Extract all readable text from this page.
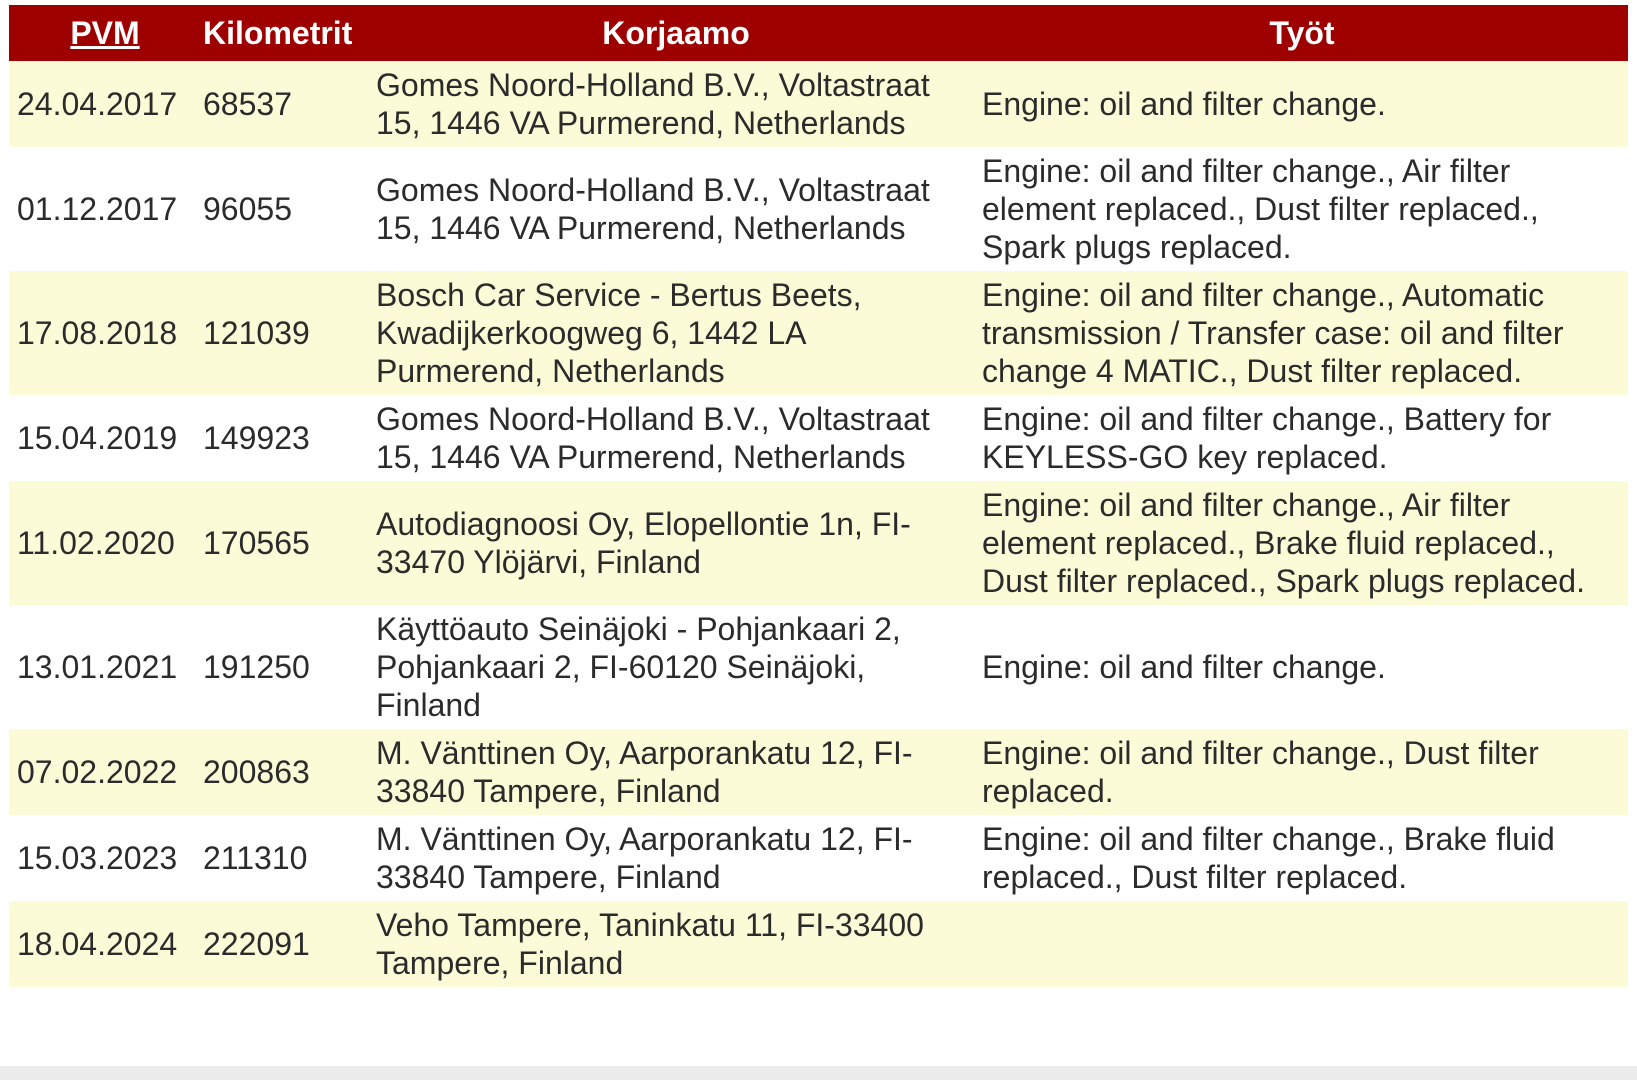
PVM	Kilometrit	Korjaamo	Työt
24.04.2017	68537	Gomes Noord-Holland B.V., Voltastraat 15, 1446 VA Purmerend, Netherlands	Engine: oil and filter change.
01.12.2017	96055	Gomes Noord-Holland B.V., Voltastraat 15, 1446 VA Purmerend, Netherlands	Engine: oil and filter change., Air filter element replaced., Dust filter replaced., Spark plugs replaced.
17.08.2018	121039	Bosch Car Service - Bertus Beets, Kwadijkerkoogweg 6, 1442 LA Purmerend, Netherlands	Engine: oil and filter change., Automatic transmission / Transfer case: oil and filter change 4 MATIC., Dust filter replaced.
15.04.2019	149923	Gomes Noord-Holland B.V., Voltastraat 15, 1446 VA Purmerend, Netherlands	Engine: oil and filter change., Battery for KEYLESS-GO key replaced.
11.02.2020	170565	Autodiagnoosi Oy, Elopellontie 1n, FI-33470 Ylöjärvi, Finland	Engine: oil and filter change., Air filter element replaced., Brake fluid replaced., Dust filter replaced., Spark plugs replaced.
13.01.2021	191250	Käyttöauto Seinäjoki - Pohjankaari 2, Pohjankaari 2, FI-60120 Seinäjoki, Finland	Engine: oil and filter change.
07.02.2022	200863	M. Vänttinen Oy, Aarporankatu 12, FI-33840 Tampere, Finland	Engine: oil and filter change., Dust filter replaced.
15.03.2023	211310	M. Vänttinen Oy, Aarporankatu 12, FI-33840 Tampere, Finland	Engine: oil and filter change., Brake fluid replaced., Dust filter replaced.
18.04.2024	222091	Veho Tampere, Taninkatu 11, FI-33400 Tampere, Finland	
